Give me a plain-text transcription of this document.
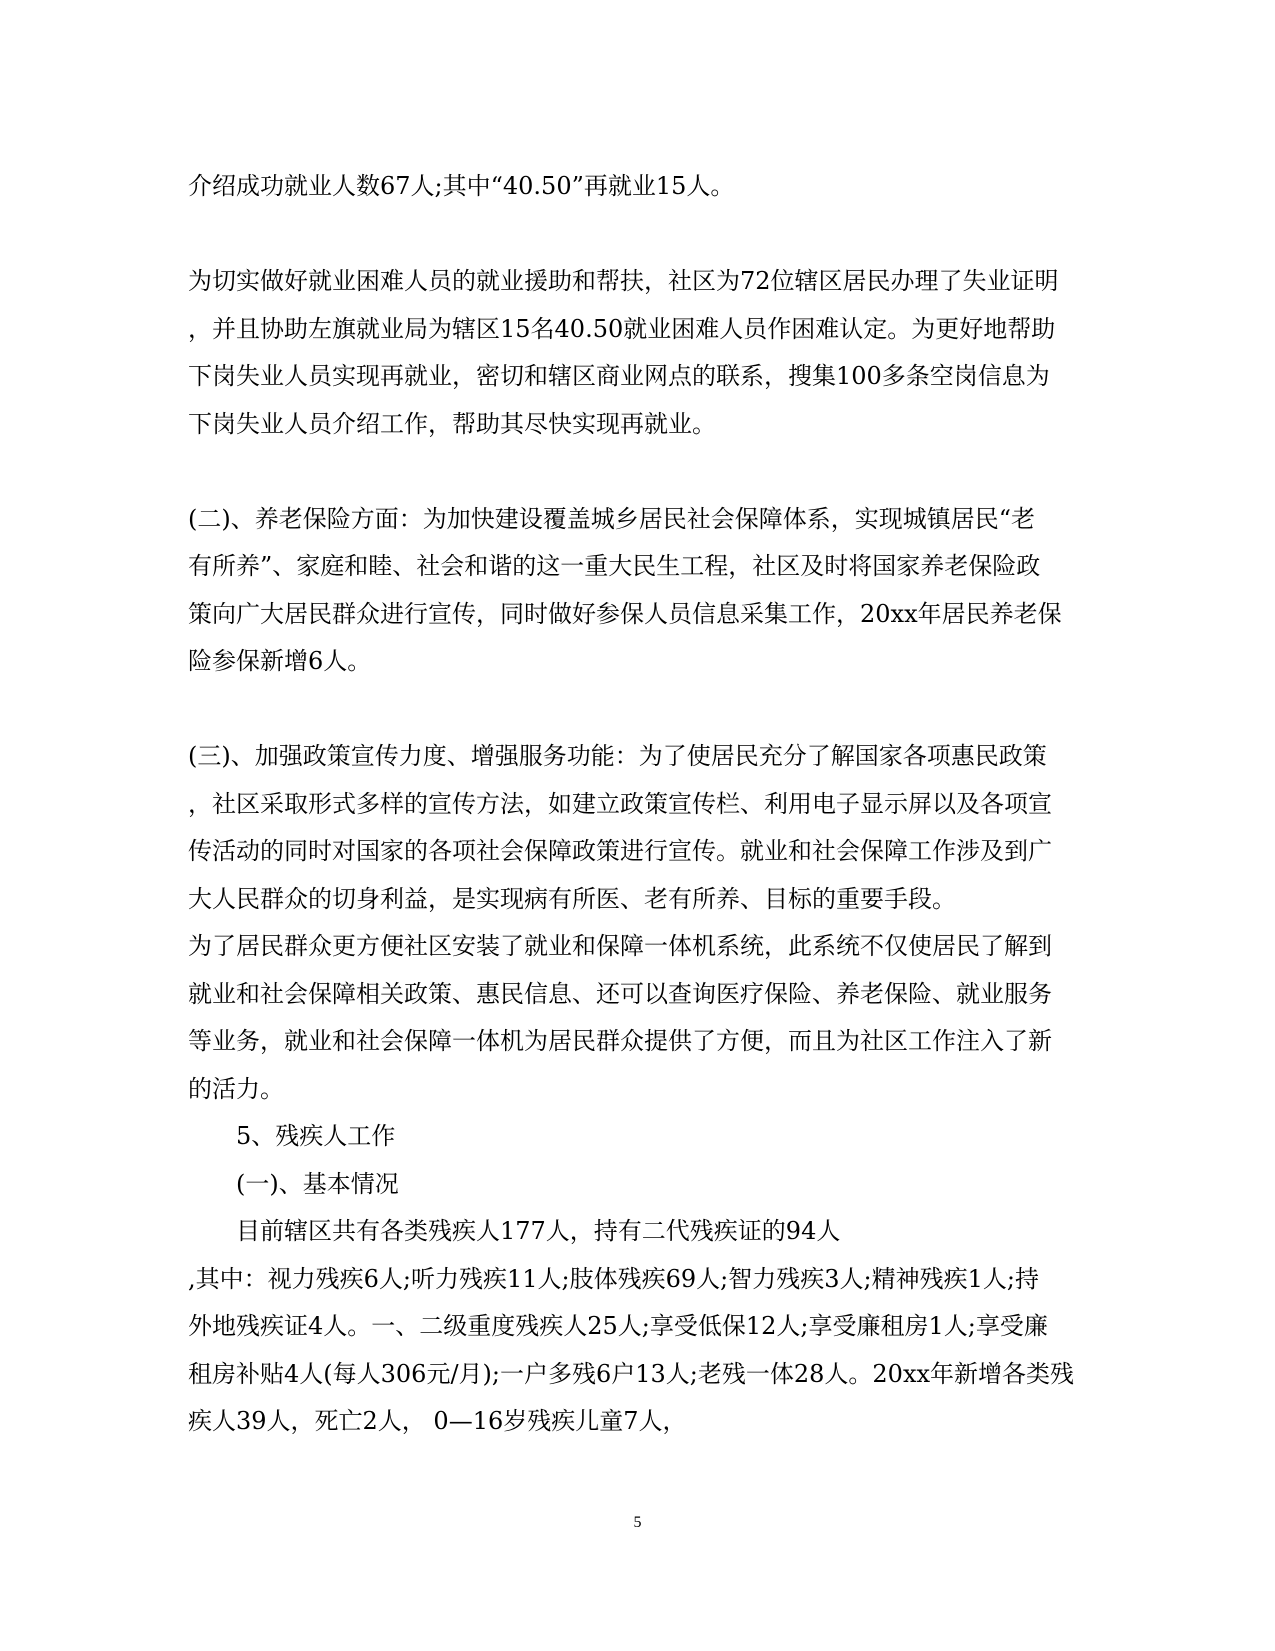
介绍成功就业人数67人;其中“40.50”再就业15人。

为切实做好就业困难人员的就业援助和帮扶，社区为72位辖区居民办理了失业证明
，并且协助左旗就业局为辖区15名40.50就业困难人员作困难认定。为更好地帮助
下岗失业人员实现再就业，密切和辖区商业网点的联系，搜集100多条空岗信息为
下岗失业人员介绍工作，帮助其尽快实现再就业。

(二)、养老保险方面：为加快建设覆盖城乡居民社会保障体系，实现城镇居民“老
有所养”、家庭和睦、社会和谐的这一重大民生工程，社区及时将国家养老保险政
策向广大居民群众进行宣传，同时做好参保人员信息采集工作，20xx年居民养老保
险参保新增6人。

(三)、加强政策宣传力度、增强服务功能：为了使居民充分了解国家各项惠民政策
，社区采取形式多样的宣传方法，如建立政策宣传栏、利用电子显示屏以及各项宣
传活动的同时对国家的各项社会保障政策进行宣传。就业和社会保障工作涉及到广
大人民群众的切身利益，是实现病有所医、老有所养、目标的重要手段。
为了居民群众更方便社区安装了就业和保障一体机系统，此系统不仅使居民了解到
就业和社会保障相关政策、惠民信息、还可以查询医疗保险、养老保险、就业服务
等业务，就业和社会保障一体机为居民群众提供了方便，而且为社区工作注入了新
的活力。

5、残疾人工作
(一)、基本情况
目前辖区共有各类残疾人177人，持有二代残疾证的94人

,其中：视力残疾6人;听力残疾11人;肢体残疾69人;智力残疾3人;精神残疾1人;持
外地残疾证4人。一、二级重度残疾人25人;享受低保12人;享受廉租房1人;享受廉
租房补贴4人(每人306元/月);一户多残6户13人;老残一体28人。20xx年新增各类残
疾人39人，死亡2人， 0—16岁残疾儿童7人，

5
